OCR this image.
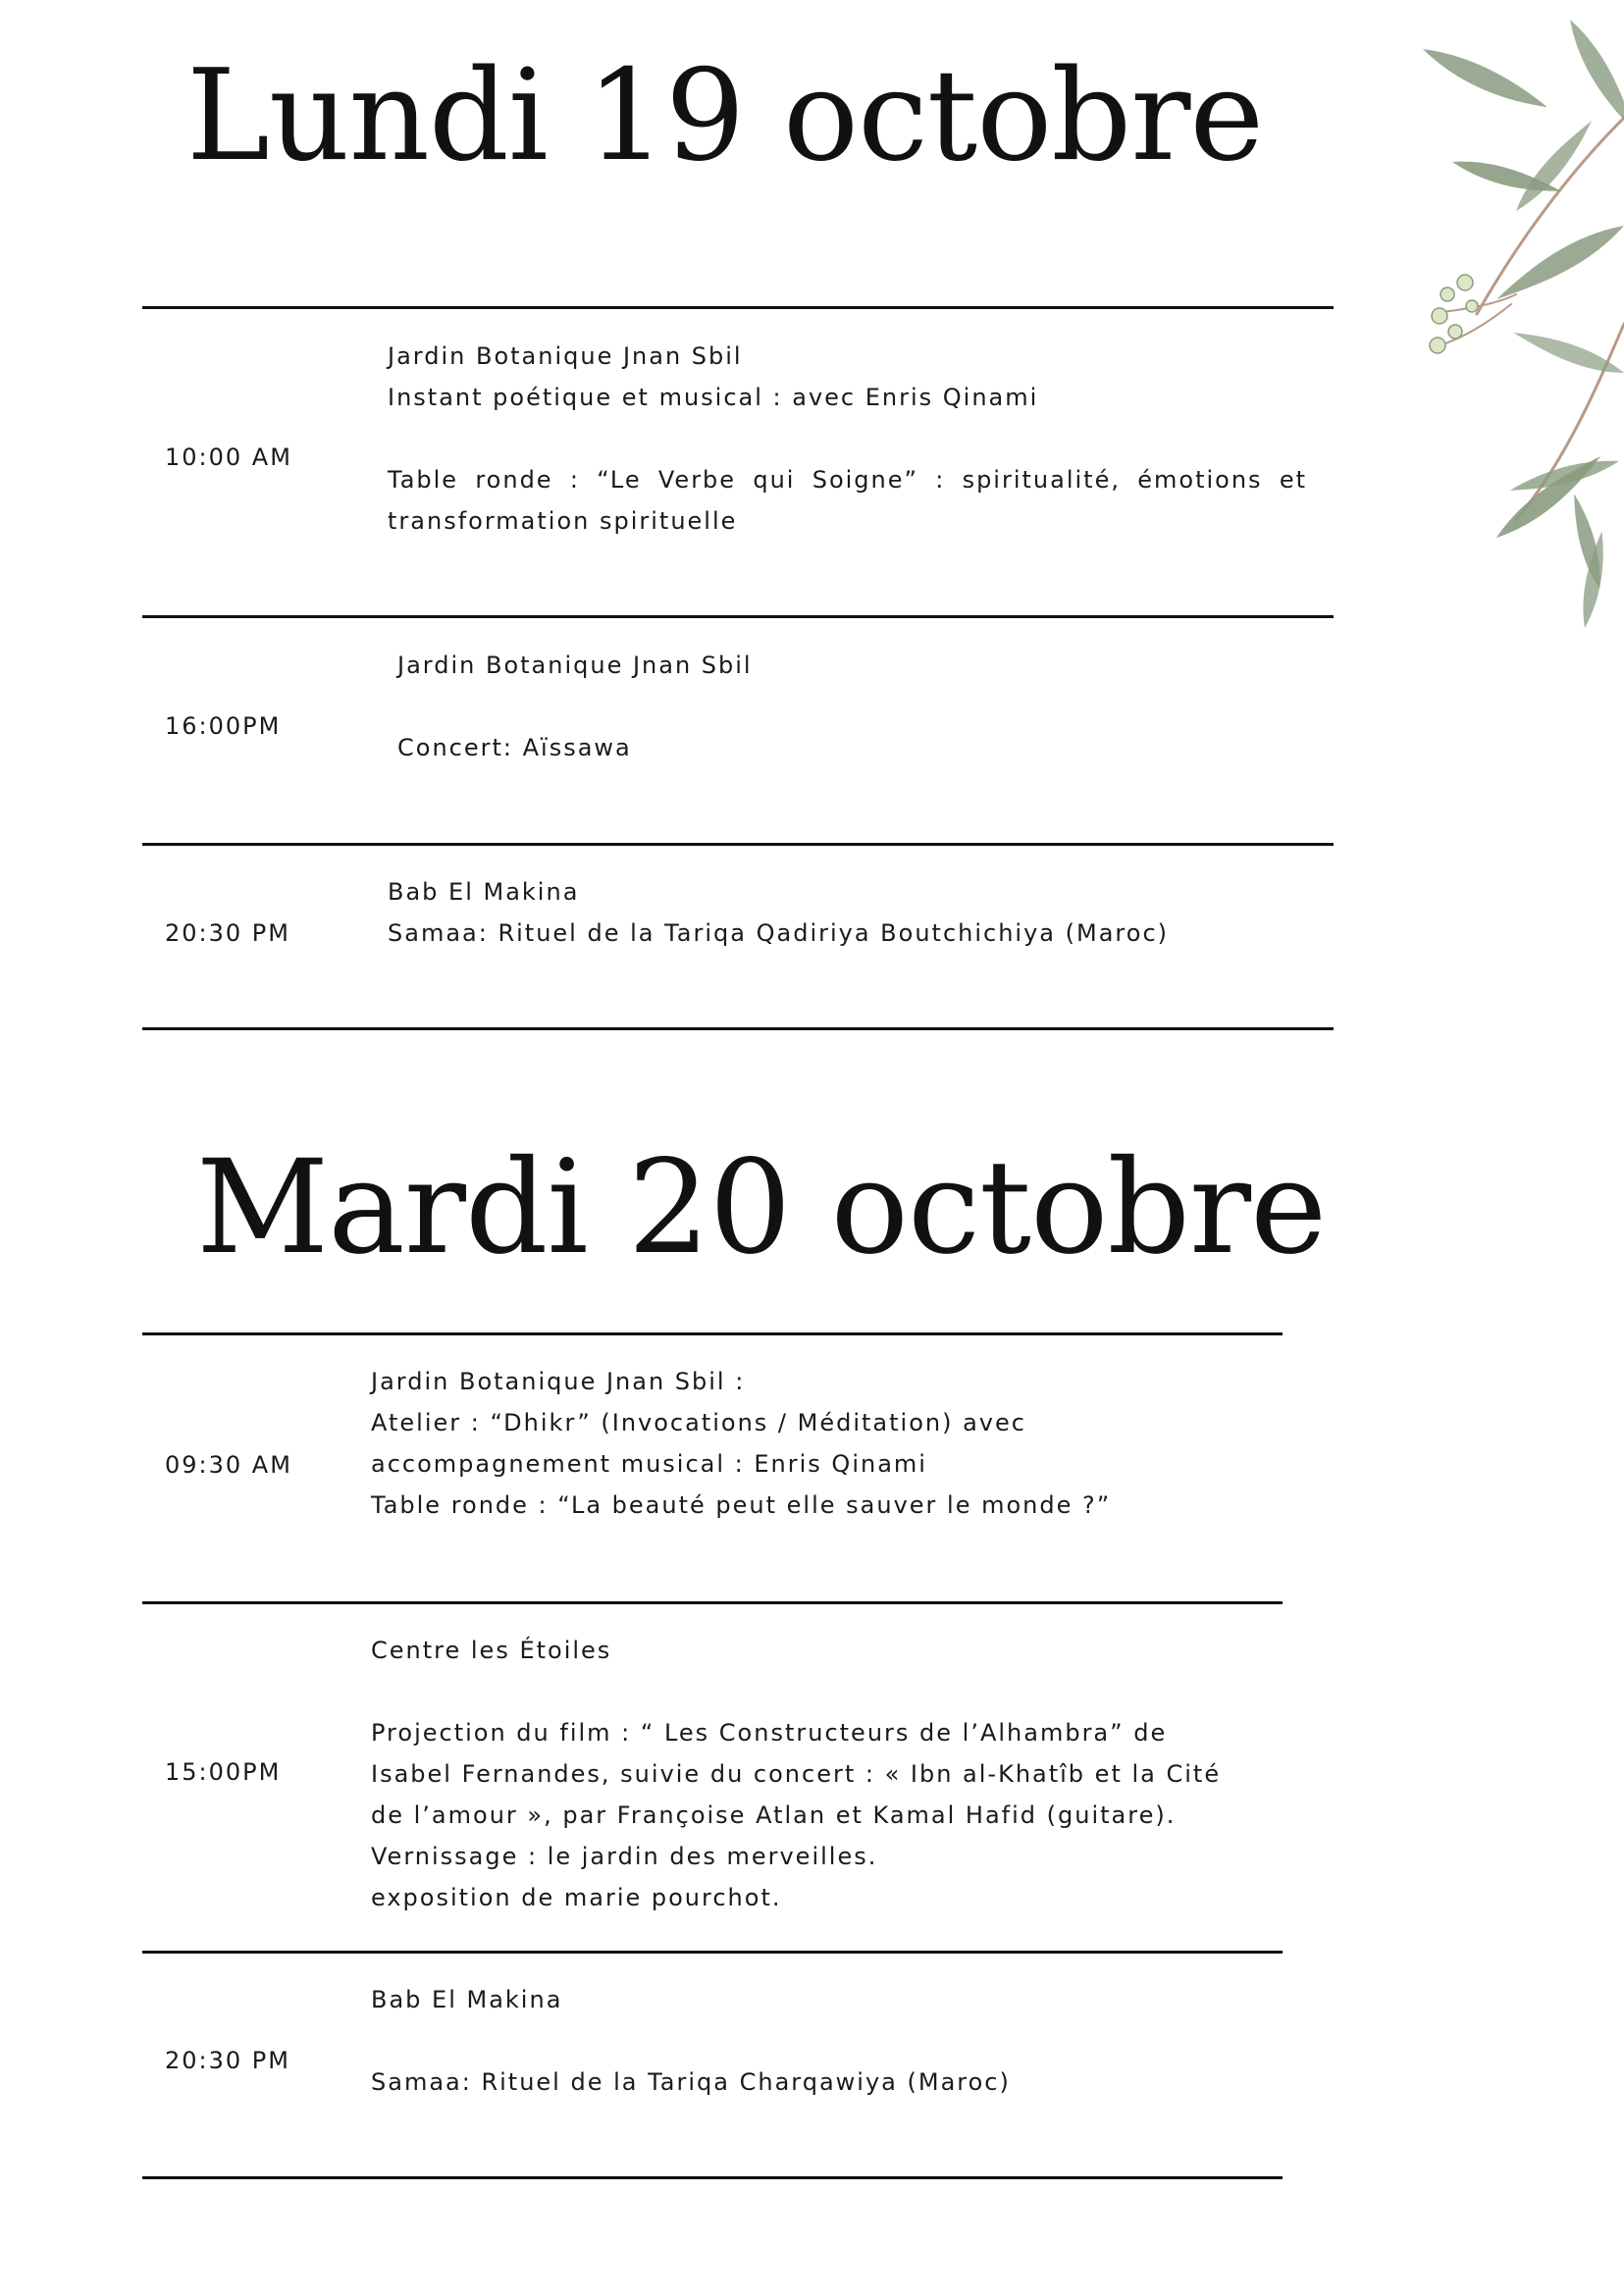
Lundi 19 octobre
10:00 AM

Jardin Botanique Jnan Sbil

Instant poétique et musical : avec Enris Qinami

Table ronde : “Le Verbe qui Soigne” : spiritualité, émotions et transformation spirituelle

16:00PM

Jardin Botanique Jnan Sbil

Concert: Aïssawa

20:30 PM

Bab El Makina

Samaa: Rituel de la Tariqa Qadiriya Boutchichiya (Maroc)

Mardi 20 octobre
09:30 AM

Jardin Botanique Jnan Sbil :

Atelier : “Dhikr” (Invocations / Méditation) avec accompagnement musical : Enris Qinami

Table ronde : “La beauté peut elle sauver le monde ?”

15:00PM

Centre les Étoiles

Projection du film : “ Les Constructeurs de l’Alhambra” de Isabel Fernandes, suivie du concert : « Ibn al-Khatîb et la Cité de l’amour », par Françoise Atlan et Kamal Hafid (guitare).

Vernissage : le jardin des merveilles.

exposition de marie pourchot.

20:30 PM

Bab El Makina

Samaa: Rituel de la Tariqa Charqawiya (Maroc)
